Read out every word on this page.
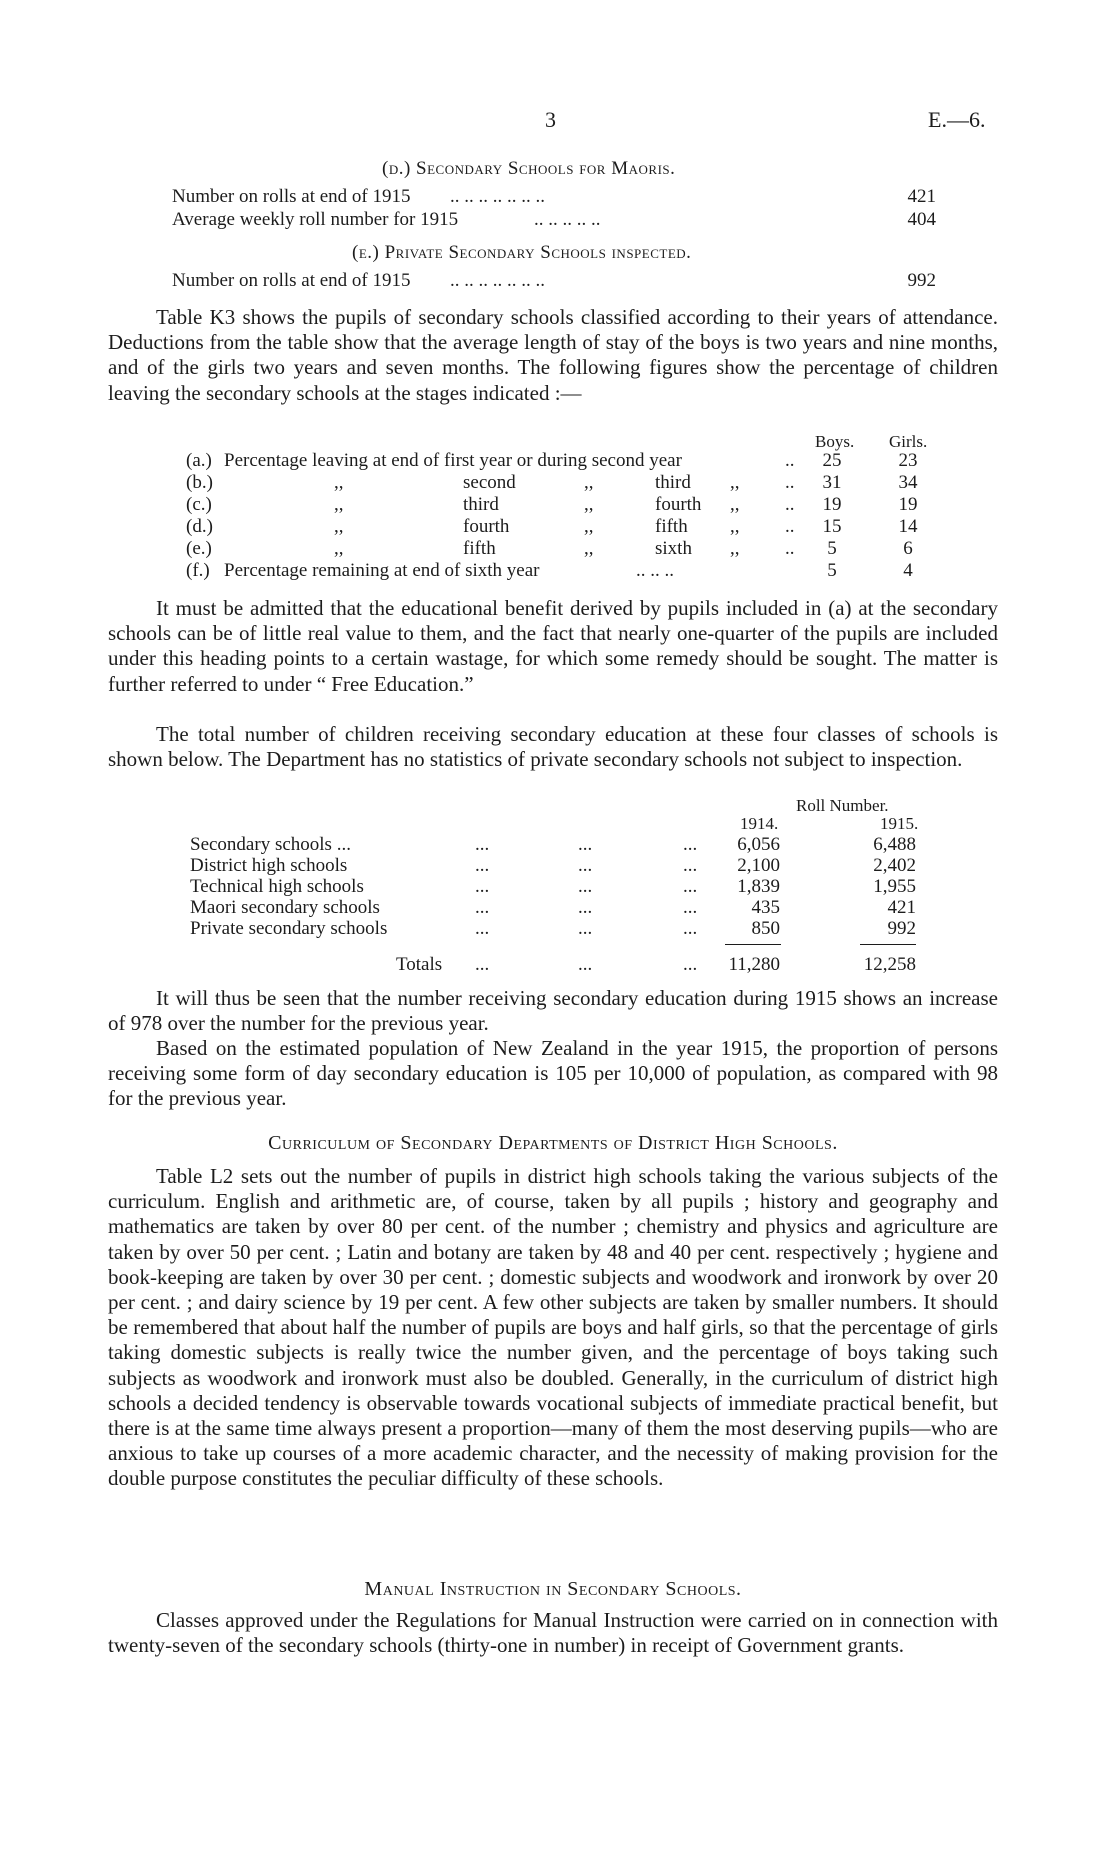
3	E.—6.
(d.) Secondary Schools for Maoris.
Number on rolls at end of 1915 .. .. .. .. .. .. ..	421
Average weekly roll number for 1915	.. .. .. .. ..	404
(e.) Private Secondary Schools inspected.
Number on rolls at end of 1915 .. .. .. .. .. .. ..	992
Table K3 shows the pupils of secondary schools classified according to their years of attendance. Deductions from the table show that the average length of stay of the boys is two years and nine months, and of the girls two years and seven months. The following figures show the percentage of children leaving the secondary schools at the stages indicated :—
Boys. Girls.
(a.) Percentage leaving at end of first year or during second year	..	25	23
(b.)	,,	second	,,	third ,, ..	31	34
(c.)	,,	third	,,	fourth ,, ..	19	19
(d.)	,,	fourth	,,	fifth ,, ..	15	14
(e.)	,,	fifth	,,	sixth ,, ..	5	6
(f.) Percentage remaining at end of sixth year	.. .. ..	5	4
It must be admitted that the educational benefit derived by pupils included in (a) at the secondary schools can be of little real value to them, and the fact that nearly one-quarter of the pupils are included under this heading points to a certain wastage, for which some remedy should be sought. The matter is further referred to under “ Free Education.”
The total number of children receiving secondary education at these four classes of schools is shown below. The Department has no statistics of private secondary schools not subject to inspection.
Roll Number.
1914.	1915.
Secondary schools ...	...	...	...	6,056	6,488
District high schools	...	...	...	2,100	2,402
Technical high schools	...	...	...	1,839	1,955
Maori secondary schools	...	...	...	435	421
Private secondary schools	...	...	...	850	992
Totals ...	...	...	11,280	12,258
It will thus be seen that the number receiving secondary education during 1915 shows an increase of 978 over the number for the previous year.
Based on the estimated population of New Zealand in the year 1915, the proportion of persons receiving some form of day secondary education is 105 per 10,000 of population, as compared with 98 for the previous year.
Curriculum of Secondary Departments of District High Schools.
Table L2 sets out the number of pupils in district high schools taking the various subjects of the curriculum. English and arithmetic are, of course, taken by all pupils ; history and geography and mathematics are taken by over 80 per cent. of the number ; chemistry and physics and agriculture are taken by over 50 per cent. ; Latin and botany are taken by 48 and 40 per cent. respectively ; hygiene and book-keeping are taken by over 30 per cent. ; domestic subjects and woodwork and ironwork by over 20 per cent. ; and dairy science by 19 per cent. A few other subjects are taken by smaller numbers. It should be remembered that about half the number of pupils are boys and half girls, so that the percentage of girls taking domestic subjects is really twice the number given, and the percentage of boys taking such subjects as woodwork and ironwork must also be doubled. Generally, in the curriculum of district high schools a decided tendency is observable towards vocational subjects of immediate practical benefit, but there is at the same time always present a proportion—many of them the most deserving pupils—who are anxious to take up courses of a more academic character, and the necessity of making provision for the double purpose constitutes the peculiar difficulty of these schools.
Manual Instruction in Secondary Schools.
Classes approved under the Regulations for Manual Instruction were carried on in connection with twenty-seven of the secondary schools (thirty-one in number) in receipt of Government grants.
